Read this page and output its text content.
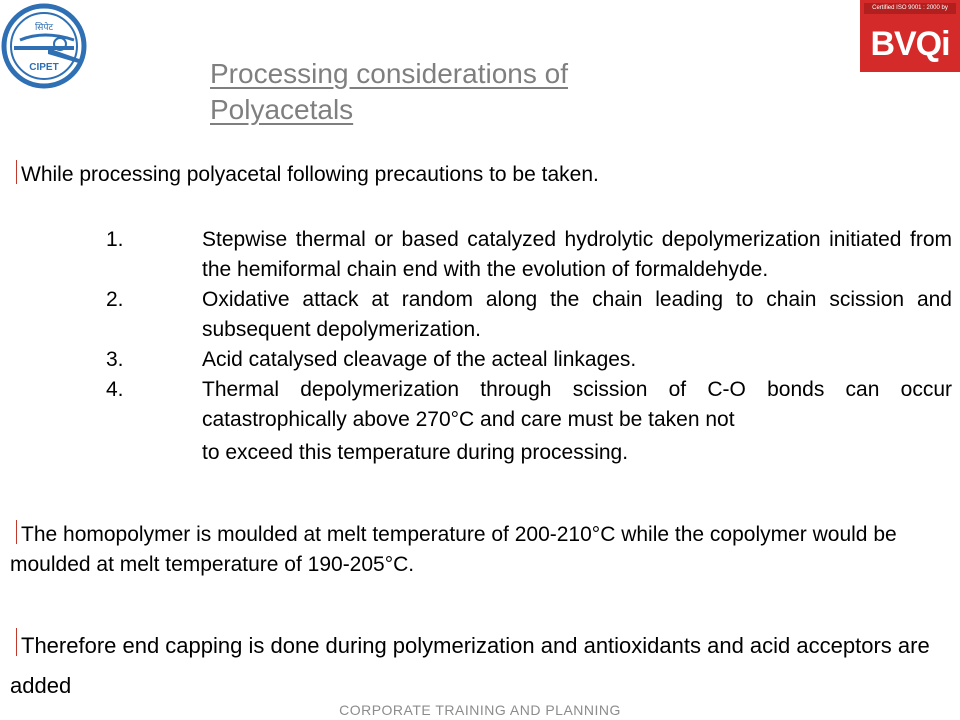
सिपेट
CIPET
Certified ISO 9001 : 2000 by
BVQi
Processing considerations of Polyacetals

While processing polyacetal following precautions to be taken.

1.	Stepwise thermal or based catalyzed hydrolytic depolymerization initiated from the hemiformal chain end with the evolution of formaldehyde.
2.	Oxidative attack at random along the chain leading to chain scission and subsequent depolymerization.
3.	Acid catalysed cleavage of the acteal linkages.
4.	Thermal depolymerization through scission of C-O bonds can occur catastrophically above 270°C and care must be taken not
to exceed this temperature during processing.

The homopolymer is moulded at melt temperature of 200-210°C while the copolymer would be moulded at melt temperature of 190-205°C.

Therefore end capping is done during polymerization and antioxidants and acid acceptors are added

CORPORATE TRAINING AND PLANNING
